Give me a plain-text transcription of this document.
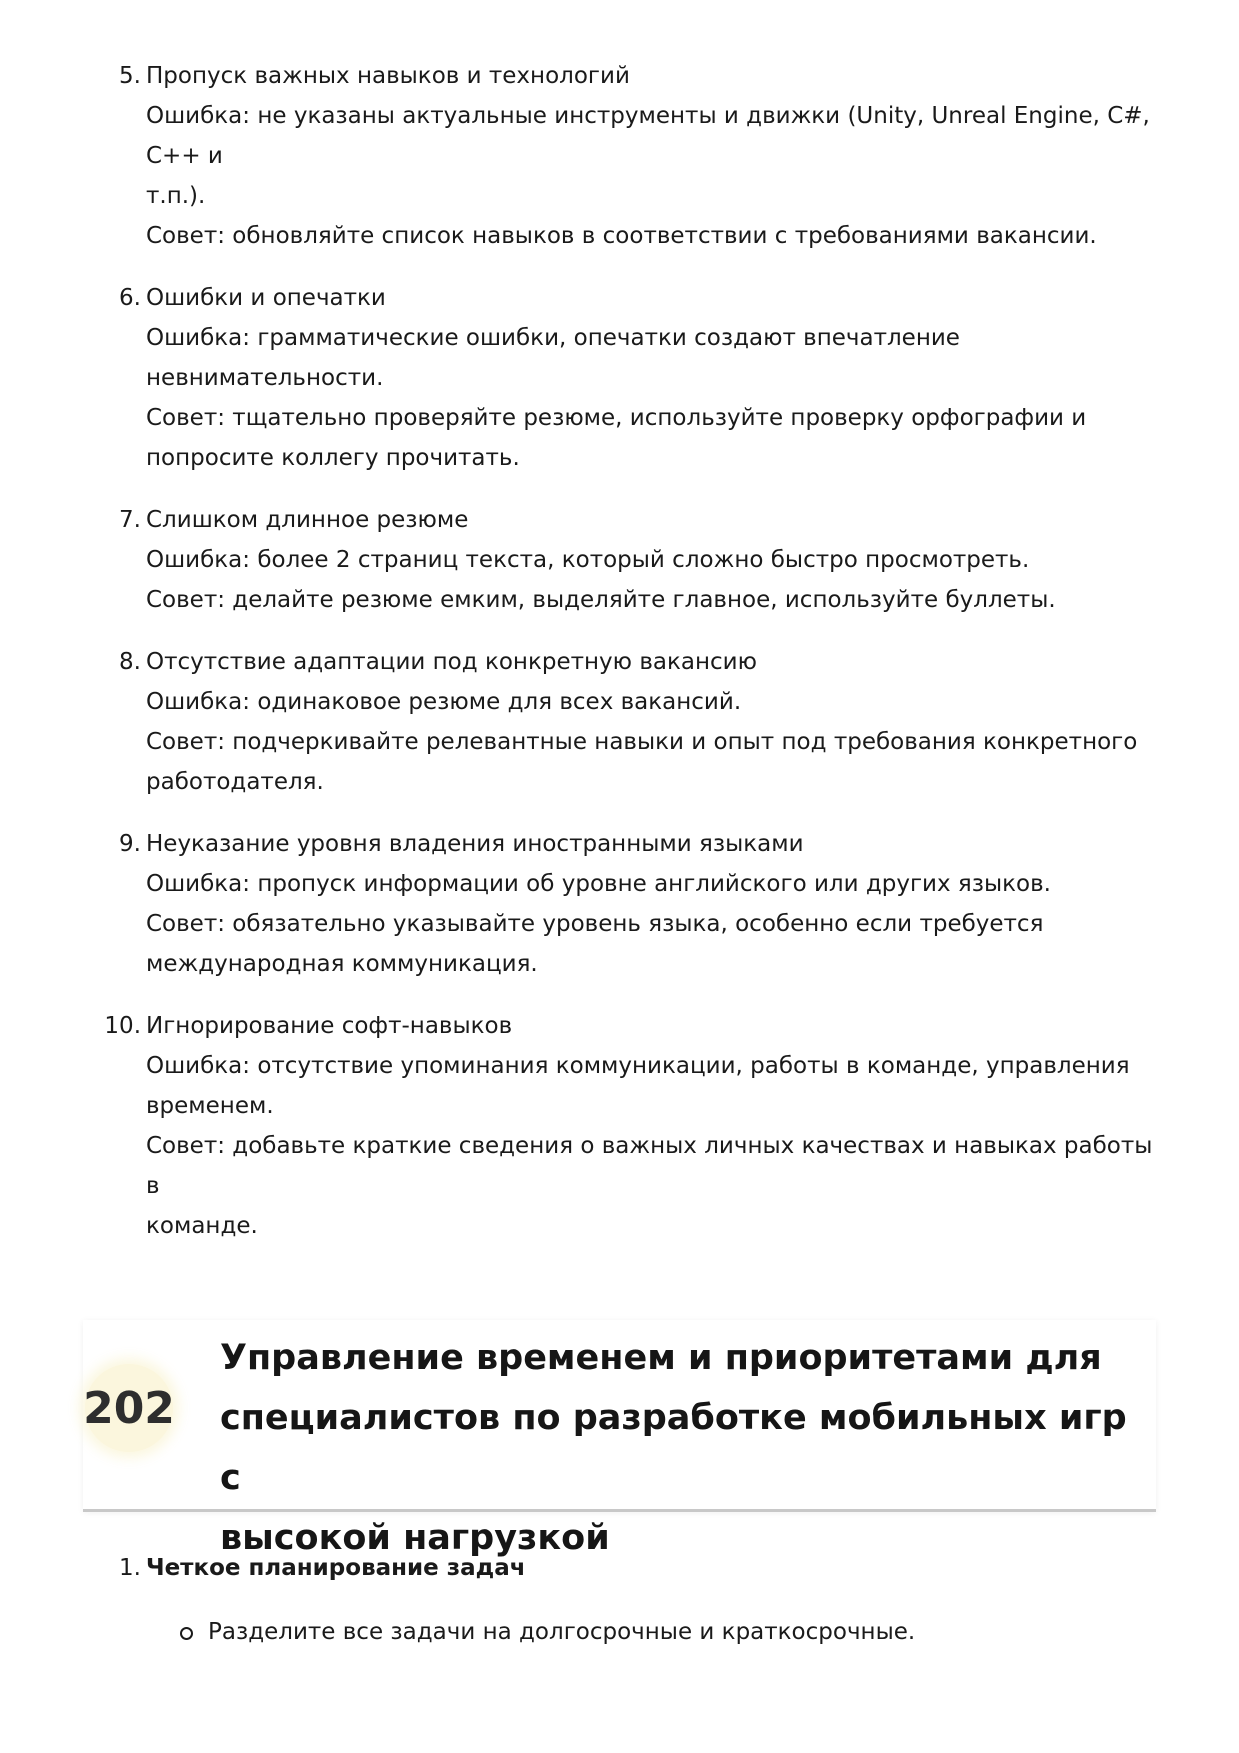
5. Пропуск важных навыков и технологий
Ошибка: не указаны актуальные инструменты и движки (Unity, Unreal Engine, C#, C++ и
т.п.).
Совет: обновляйте список навыков в соответствии с требованиями вакансии.
6. Ошибки и опечатки
Ошибка: грамматические ошибки, опечатки создают впечатление невнимательности.
Совет: тщательно проверяйте резюме, используйте проверку орфографии и
попросите коллегу прочитать.
7. Слишком длинное резюме
Ошибка: более 2 страниц текста, который сложно быстро просмотреть.
Совет: делайте резюме емким, выделяйте главное, используйте буллеты.
8. Отсутствие адаптации под конкретную вакансию
Ошибка: одинаковое резюме для всех вакансий.
Совет: подчеркивайте релевантные навыки и опыт под требования конкретного
работодателя.
9. Неуказание уровня владения иностранными языками
Ошибка: пропуск информации об уровне английского или других языков.
Совет: обязательно указывайте уровень языка, особенно если требуется
международная коммуникация.
10. Игнорирование софт-навыков
Ошибка: отсутствие упоминания коммуникации, работы в команде, управления
временем.
Совет: добавьте краткие сведения о важных личных качествах и навыках работы в
команде.
202
Управление временем и приоритетами для
специалистов по разработке мобильных игр с
высокой нагрузкой
1. Четкое планирование задач
Разделите все задачи на долгосрочные и краткосрочные.
